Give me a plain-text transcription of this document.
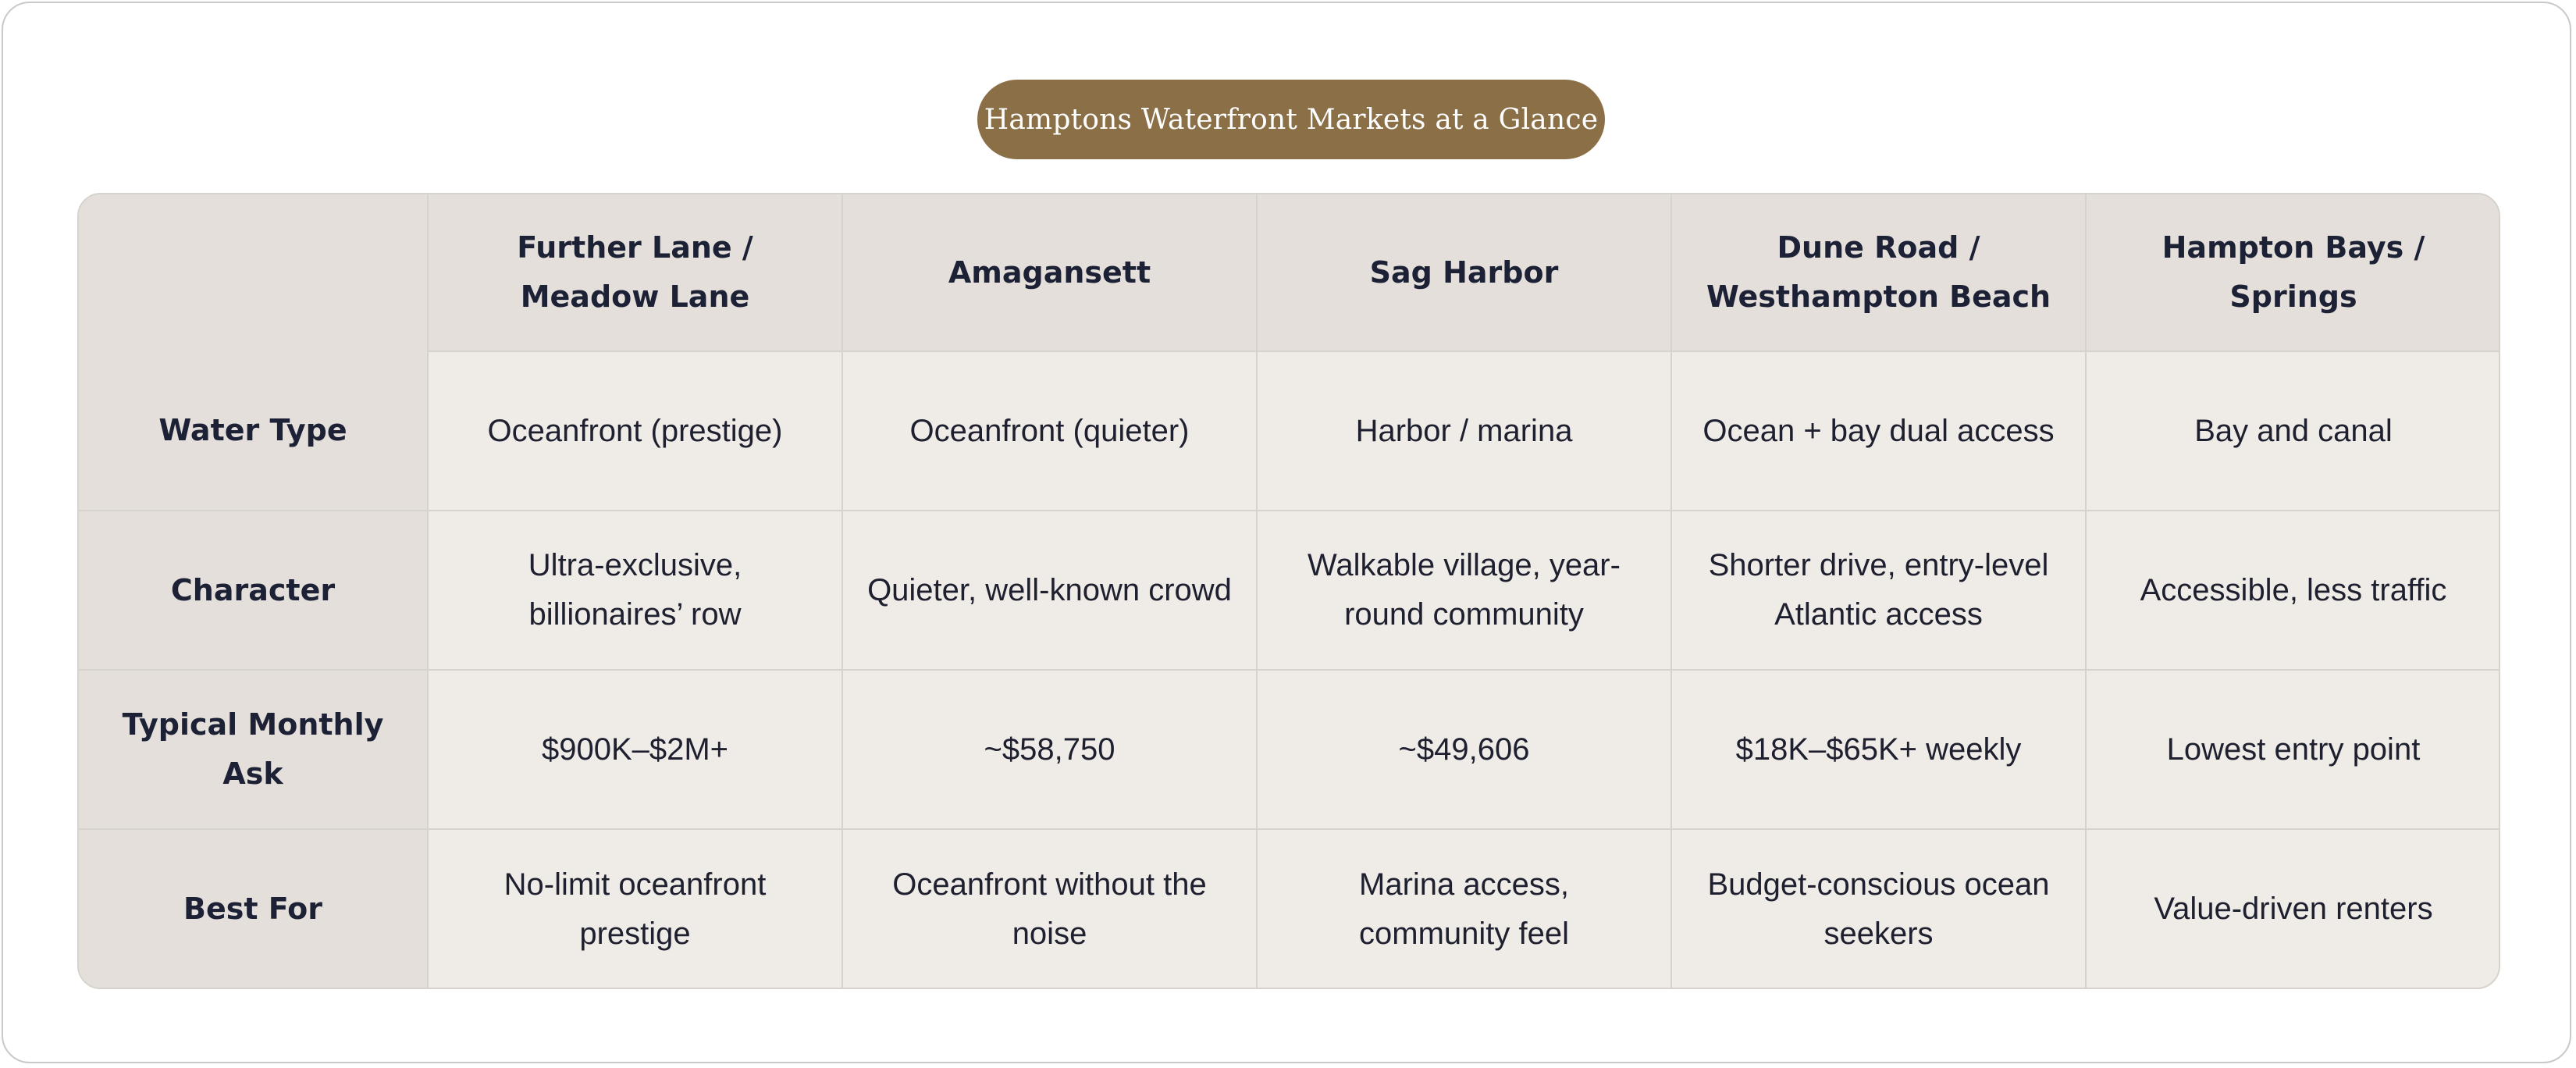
Hamptons Waterfront Markets at a Glance
	Further Lane / Meadow Lane	Amagansett	Sag Harbor	Dune Road / Westhampton Beach	Hampton Bays / Springs
Water Type	Oceanfront (prestige)	Oceanfront (quieter)	Harbor / marina	Ocean + bay dual access	Bay and canal
Character	Ultra-exclusive, billionaires’ row	Quieter, well-known crowd	Walkable village, year-round community	Shorter drive, entry-level Atlantic access	Accessible, less traffic
Typical Monthly Ask	$900K–$2M+	~$58,750	~$49,606	$18K–$65K+ weekly	Lowest entry point
Best For	No-limit oceanfront prestige	Oceanfront without the noise	Marina access, community feel	Budget-conscious ocean seekers	Value-driven renters
